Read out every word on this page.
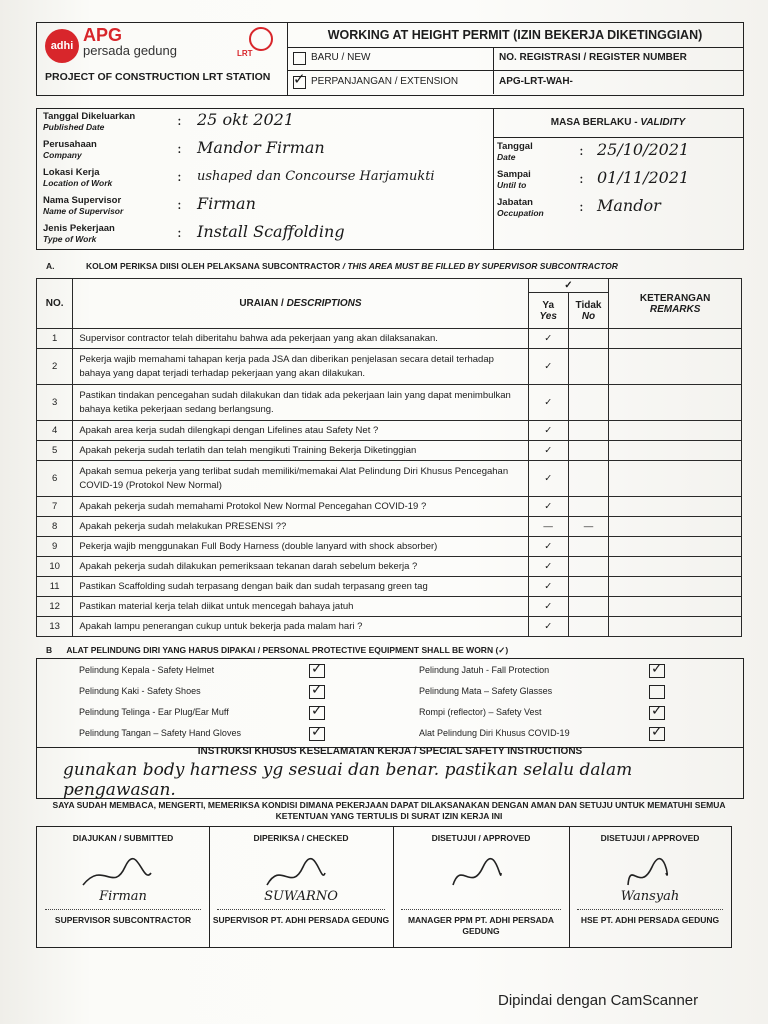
adhi
APG
persada gedung	LRT
PROJECT OF CONSTRUCTION LRT STATION
WORKING AT HEIGHT PERMIT (IZIN BEKERJA DIKETINGGIAN)
BARU / NEW
✓ PERPANJANGAN / EXTENSION
NO. REGISTRASI / REGISTER NUMBER
APG-LRT-WAH-
Tanggal Dikeluarkan
Published Date	: 25 okt 2021
Perusahaan
Company	: Mandor Firman
Lokasi Kerja
Location of Work	: ushaped dan Concourse Harjamukti
Nama Supervisor
Name of Supervisor	: Firman
Jenis Pekerjaan
Type of Work	: Install Scaffolding
MASA BERLAKU - VALIDITY
Tanggal
Date	: 25/10/2021
Sampai
Until to	: 01/11/2021
Jabatan
Occupation	: Mandor
A.	KOLOM PERIKSA DIISI OLEH PELAKSANA SUBCONTRACTOR / THIS AREA MUST BE FILLED BY SUPERVISOR SUBCONTRACTOR
NO.	URAIAN / DESCRIPTIONS	✓		KETERANGAN
REMARKS
		Ya
Yes	Tidak
No	
1	Supervisor contractor telah diberitahu bahwa ada pekerjaan yang akan dilaksanakan.	✓		
2	Pekerja wajib memahami tahapan kerja pada JSA dan diberikan penjelasan secara detail terhadap bahaya yang dapat terjadi terhadap pekerjaan yang akan dilakukan.	✓		
3	Pastikan tindakan pencegahan sudah dilakukan dan tidak ada pekerjaan lain yang dapat menimbulkan bahaya ketika pekerjaan sedang berlangsung.	✓		
4	Apakah area kerja sudah dilengkapi dengan Lifelines atau Safety Net ?	✓		
5	Apakah pekerja sudah terlatih dan telah mengikuti Training Bekerja Diketinggian	✓		
6	Apakah semua pekerja yang terlibat sudah memiliki/memakai Alat Pelindung Diri Khusus Pencegahan COVID-19 (Protokol New Normal)	✓		
7	Apakah pekerja sudah memahami Protokol New Normal Pencegahan COVID-19 ?	✓		
8	Apakah pekerja sudah melakukan PRESENSI ??	—	—	
9	Pekerja wajib menggunakan Full Body Harness (double lanyard with shock absorber)	✓		
10	Apakah pekerja sudah dilakukan pemeriksaan tekanan darah sebelum bekerja ?	✓		
11	Pastikan Scaffolding sudah terpasang dengan baik dan sudah terpasang green tag	✓		
12	Pastikan material kerja telah diikat untuk mencegah bahaya jatuh	✓		
13	Apakah lampu penerangan cukup untuk bekerja pada malam hari ?	✓		
B ALAT PELINDUNG DIRI YANG HARUS DIPAKAI / PERSONAL PROTECTIVE EQUIPMENT SHALL BE WORN (✓)
Pelindung Kepala - Safety Helmet	✓
Pelindung Kaki - Safety Shoes	✓
Pelindung Telinga - Ear Plug/Ear Muff	✓
Pelindung Tangan – Safety Hand Gloves	✓
Pelindung Jatuh - Fall Protection	✓
Pelindung Mata – Safety Glasses
Rompi (reflector) – Safety Vest	✓
Alat Pelindung Diri Khusus COVID-19	✓
INSTRUKSI KHUSUS KESELAMATAN KERJA / SPECIAL SAFETY INSTRUCTIONS
gunakan body harness yg sesuai dan benar. pastikan selalu dalam pengawasan.
SAYA SUDAH MEMBACA, MENGERTI, MEMERIKSA KONDISI DIMANA PEKERJAAN DAPAT DILAKSANAKAN DENGAN AMAN DAN SETUJU UNTUK MEMATUHI SEMUA KETENTUAN YANG TERTULIS DI SURAT IZIN KERJA INI
DIAJUKAN / SUBMITTED
Firman
SUPERVISOR SUBCONTRACTOR
DIPERIKSA / CHECKED
SUWARNO
SUPERVISOR PT. ADHI PERSADA GEDUNG
DISETUJUI / APPROVED
MANAGER PPM PT. ADHI PERSADA GEDUNG
DISETUJUI / APPROVED
Wansyah
HSE PT. ADHI PERSADA GEDUNG
Dipindai dengan CamScanner
